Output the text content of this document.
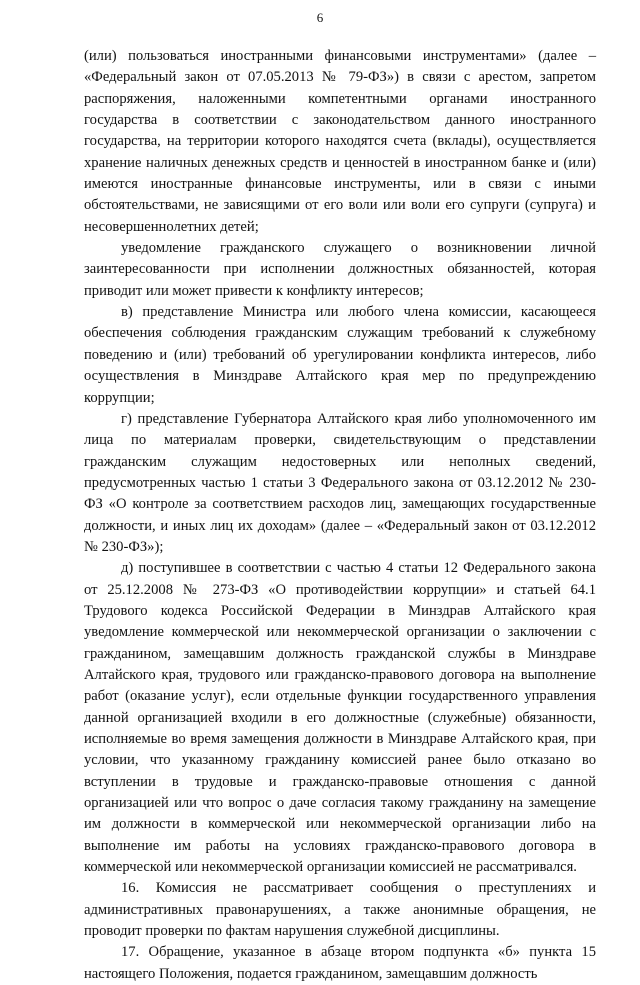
6

(или) пользоваться иностранными финансовыми инструментами» (далее – «Федеральный закон от 07.05.2013 № 79-ФЗ») в связи с арестом, запретом распоряжения, наложенными компетентными органами иностранного государства в соответствии с законодательством данного иностранного государства, на территории которого находятся счета (вклады), осуществляется хранение наличных денежных средств и ценностей в иностранном банке и (или) имеются иностранные финансовые инструменты, или в связи с иными обстоятельствами, не зависящими от его воли или воли его супруги (супруга) и несовершеннолетних детей;

уведомление гражданского служащего о возникновении личной заинтересованности при исполнении должностных обязанностей, которая приводит или может привести к конфликту интересов;

в) представление Министра или любого члена комиссии, касающееся обеспечения соблюдения гражданским служащим требований к служебному поведению и (или) требований об урегулировании конфликта интересов, либо осуществления в Минздраве Алтайского края мер по предупреждению коррупции;

г) представление Губернатора Алтайского края либо уполномоченного им лица по материалам проверки, свидетельствующим о представлении гражданским служащим недостоверных или неполных сведений, предусмотренных частью 1 статьи 3 Федерального закона от 03.12.2012 № 230-ФЗ «О контроле за соответствием расходов лиц, замещающих государственные должности, и иных лиц их доходам» (далее – «Федеральный закон от 03.12.2012 № 230-ФЗ»);

д) поступившее в соответствии с частью 4 статьи 12 Федерального закона от 25.12.2008 № 273-ФЗ «О противодействии коррупции» и статьей 64.1 Трудового кодекса Российской Федерации в Минздрав Алтайского края уведомление коммерческой или некоммерческой организации о заключении с гражданином, замещавшим должность гражданской службы в Минздраве Алтайского края, трудового или гражданско-правового договора на выполнение работ (оказание услуг), если отдельные функции государственного управления данной организацией входили в его должностные (служебные) обязанности, исполняемые во время замещения должности в Минздраве Алтайского края, при условии, что указанному гражданину комиссией ранее было отказано во вступлении в трудовые и гражданско-правовые отношения с данной организацией или что вопрос о даче согласия такому гражданину на замещение им должности в коммерческой или некоммерческой организации либо на выполнение им работы на условиях гражданско-правового договора в коммерческой или некоммерческой организации комиссией не рассматривался.

16. Комиссия не рассматривает сообщения о преступлениях и административных правонарушениях, а также анонимные обращения, не проводит проверки по фактам нарушения служебной дисциплины.

17. Обращение, указанное в абзаце втором подпункта «б» пункта 15 настоящего Положения, подается гражданином, замещавшим должность
